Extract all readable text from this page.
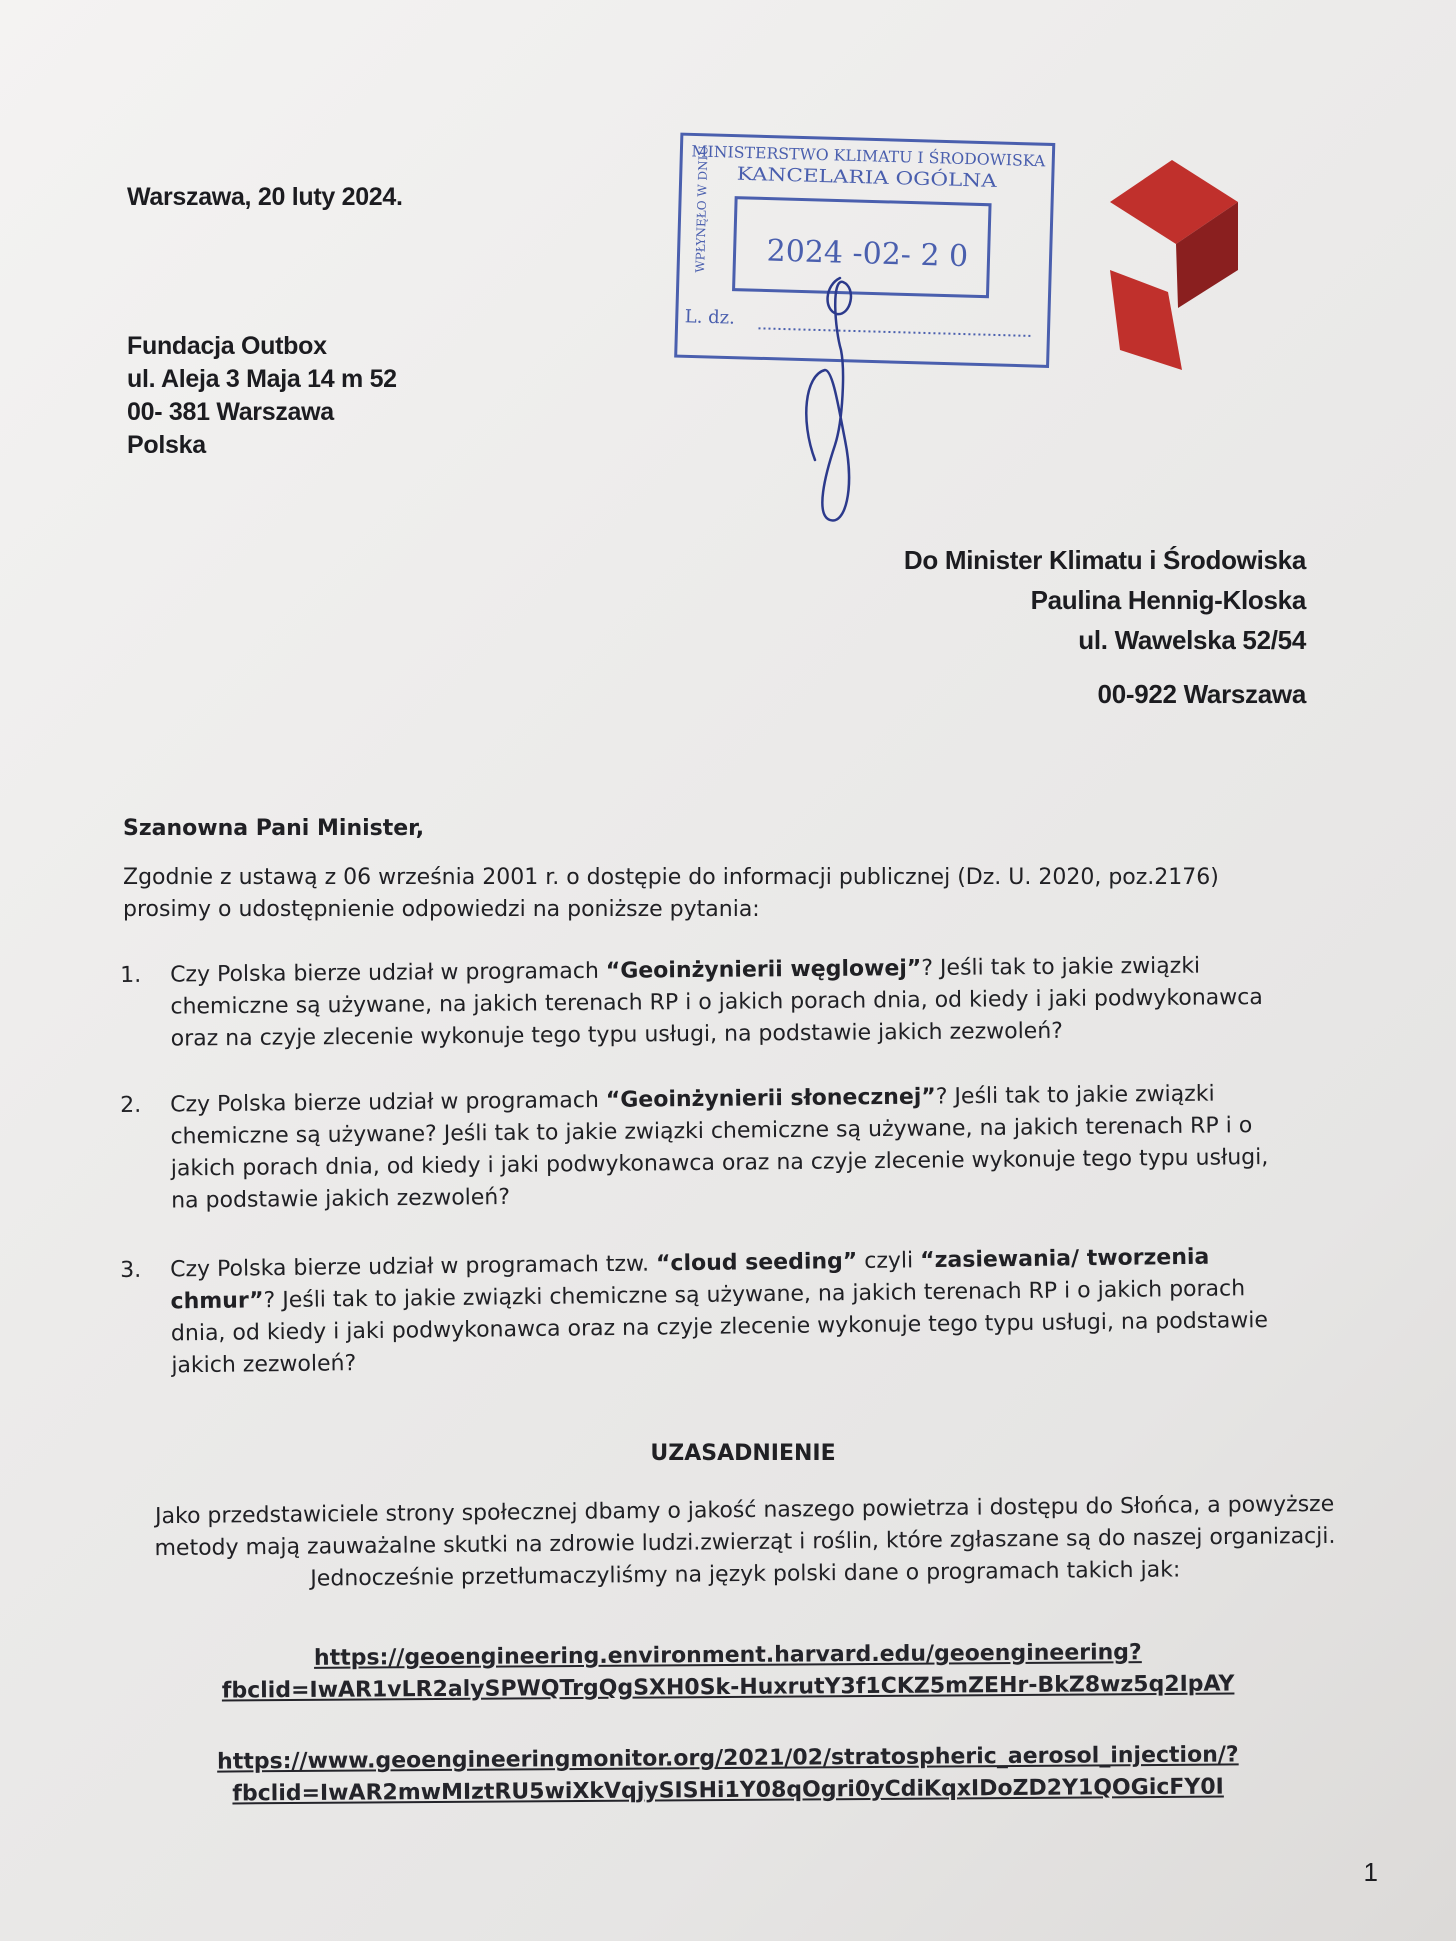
Warszawa, 20 luty 2024.
Fundacja Outbox
ul. Aleja 3 Maja 14 m 52
00- 381 Warszawa
Polska
MINISTERSTWO KLIMATU I ŚRODOWISKA
KANCELARIA OGÓLNA
WPŁYNĘŁO W DNIU 2024 -02- 2 0
L. dz.
Do Minister Klimatu i Środowiska
Paulina Hennig-Kloska
ul. Wawelska 52/54
00-922 Warszawa
Szanowna Pani Minister,
Zgodnie z ustawą z 06 września 2001 r. o dostępie do informacji publicznej (Dz. U. 2020, poz.2176) prosimy o udostępnienie odpowiedzi na poniższe pytania:
1.	Czy Polska bierze udział w programach “Geoinżynierii węglowej”? Jeśli tak to jakie związki chemiczne są używane, na jakich terenach RP i o jakich porach dnia, od kiedy i jaki podwykonawca oraz na czyje zlecenie wykonuje tego typu usługi, na podstawie jakich zezwoleń?
2.	Czy Polska bierze udział w programach “Geoinżynierii słonecznej”? Jeśli tak to jakie związki chemiczne są używane? Jeśli tak to jakie związki chemiczne są używane, na jakich terenach RP i o jakich porach dnia, od kiedy i jaki podwykonawca oraz na czyje zlecenie wykonuje tego typu usługi, na podstawie jakich zezwoleń?
3.	Czy Polska bierze udział w programach tzw. “cloud seeding” czyli “zasiewania/ tworzenia chmur”? Jeśli tak to jakie związki chemiczne są używane, na jakich terenach RP i o jakich porach dnia, od kiedy i jaki podwykonawca oraz na czyje zlecenie wykonuje tego typu usługi, na podstawie jakich zezwoleń?
UZASADNIENIE
Jako przedstawiciele strony społecznej dbamy o jakość naszego powietrza i dostępu do Słońca, a powyższe metody mają zauważalne skutki na zdrowie ludzi.zwierząt i roślin, które zgłaszane są do naszej organizacji. Jednocześnie przetłumaczyliśmy na język polski dane o programach takich jak:
https://geoengineering.environment.harvard.edu/geoengineering?
fbclid=IwAR1vLR2alySPWQTrgQgSXH0Sk-HuxrutY3f1CKZ5mZEHr-BkZ8wz5q2IpAY
https://www.geoengineeringmonitor.org/2021/02/stratospheric_aerosol_injection/?
fbclid=IwAR2mwMIztRU5wiXkVqjySISHi1Y08qOgri0yCdiKqxIDoZD2Y1QOGicFY0I
1
